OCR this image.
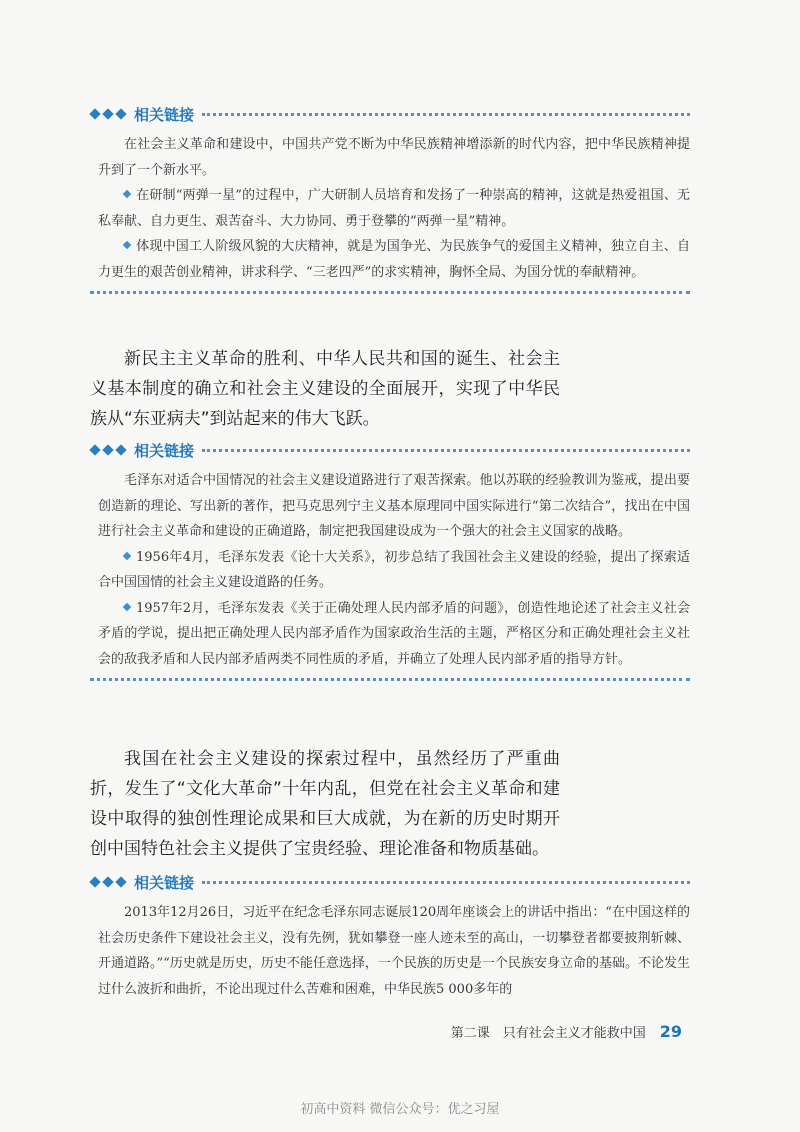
相关链接

在社会主义革命和建设中，中国共产党不断为中华民族精神增添新的时代内容，把中华民族精神提升到了一个新水平。

在研制“两弹一星”的过程中，广大研制人员培育和发扬了一种崇高的精神，这就是热爱祖国、无私奉献、自力更生、艰苦奋斗、大力协同、勇于登攀的“两弹一星”精神。

体现中国工人阶级风貌的大庆精神，就是为国争光、为民族争气的爱国主义精神，独立自主、自力更生的艰苦创业精神，讲求科学、“三老四严”的求实精神，胸怀全局、为国分忧的奉献精神。

新民主主义革命的胜利、中华人民共和国的诞生、社会主义基本制度的确立和社会主义建设的全面展开，实现了中华民族从“东亚病夫”到站起来的伟大飞跃。

相关链接

毛泽东对适合中国情况的社会主义建设道路进行了艰苦探索。他以苏联的经验教训为鉴戒，提出要创造新的理论、写出新的著作，把马克思列宁主义基本原理同中国实际进行“第二次结合”，找出在中国进行社会主义革命和建设的正确道路，制定把我国建设成为一个强大的社会主义国家的战略。

1956年4月，毛泽东发表《论十大关系》，初步总结了我国社会主义建设的经验，提出了探索适合中国国情的社会主义建设道路的任务。

1957年2月，毛泽东发表《关于正确处理人民内部矛盾的问题》，创造性地论述了社会主义社会矛盾的学说，提出把正确处理人民内部矛盾作为国家政治生活的主题，严格区分和正确处理社会主义社会的敌我矛盾和人民内部矛盾两类不同性质的矛盾，并确立了处理人民内部矛盾的指导方针。

我国在社会主义建设的探索过程中，虽然经历了严重曲折，发生了“文化大革命”十年内乱，但党在社会主义革命和建设中取得的独创性理论成果和巨大成就，为在新的历史时期开创中国特色社会主义提供了宝贵经验、理论准备和物质基础。

相关链接

2013年12月26日，习近平在纪念毛泽东同志诞辰120周年座谈会上的讲话中指出：“在中国这样的社会历史条件下建设社会主义，没有先例，犹如攀登一座人迹未至的高山，一切攀登者都要披荆斩棘、开通道路。”“历史就是历史，历史不能任意选择，一个民族的历史是一个民族安身立命的基础。不论发生过什么波折和曲折，不论出现过什么苦难和困难，中华民族5 000多年的

第二课　只有社会主义才能救中国 29
初高中资料 微信公众号：优之习屋
